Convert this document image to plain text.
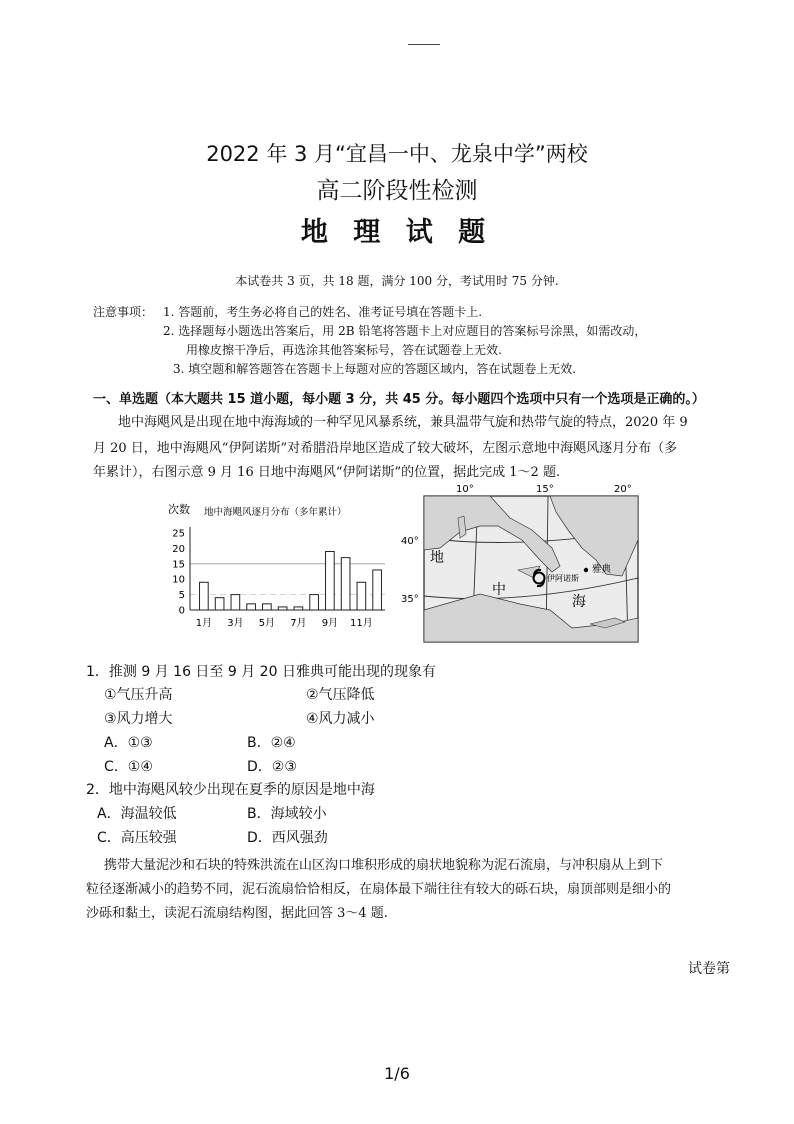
2022 年 3 月“宜昌一中、龙泉中学”两校
高二阶段性检测
地 理 试 题
本试卷共 3 页，共 18 题，满分 100 分，考试用时 75 分钟.
注意事项： 1. 答题前，考生务必将自己的姓名、准考证号填在答题卡上.
2. 选择题每小题选出答案后，用 2B 铅笔将答题卡上对应题目的答案标号涂黑，如需改动，
用橡皮擦干净后，再选涂其他答案标号，答在试题卷上无效.
3. 填空题和解答题答在答题卡上每题对应的答题区域内，答在试题卷上无效.
一、单选题（本大题共 15 道小题，每小题 3 分，共 45 分。每小题四个选项中只有一个选项是正确的。）
地中海飓风是出现在地中海海域的一种罕见风暴系统，兼具温带气旋和热带气旋的特点，2020 年 9
月 20 日，地中海飓风“伊阿诺斯”对希腊沿岸地区造成了较大破坏，左图示意地中海飓风逐月分布（多
年累计），右图示意 9 月 16 日地中海飓风“伊阿诺斯”的位置，据此完成 1～2 题.
次数 地中海飓风逐月分布（多年累计）
25
20
15
10
5
0
1月 3月 5月 7月 9月 11月
10°	15°	20°
40°
35°
地
中
海
雅典
伊阿诺斯
1．推测 9 月 16 日至 9 月 20 日雅典可能出现的现象有
①气压升高	②气压降低
③风力增大	④风力减小
A．①③	B．②④
C．①④	D．②③
2．地中海飓风较少出现在夏季的原因是地中海
A．海温较低	B．海域较小
C．高压较强	D．西风强劲
携带大量泥沙和石块的特殊洪流在山区沟口堆积形成的扇状地貌称为泥石流扇，与冲积扇从上到下
粒径逐渐减小的趋势不同，泥石流扇恰恰相反，在扇体最下端往往有较大的砾石块，扇顶部则是细小的
沙砾和黏土，读泥石流扇结构图，据此回答 3～4 题.
试卷第
1/6
